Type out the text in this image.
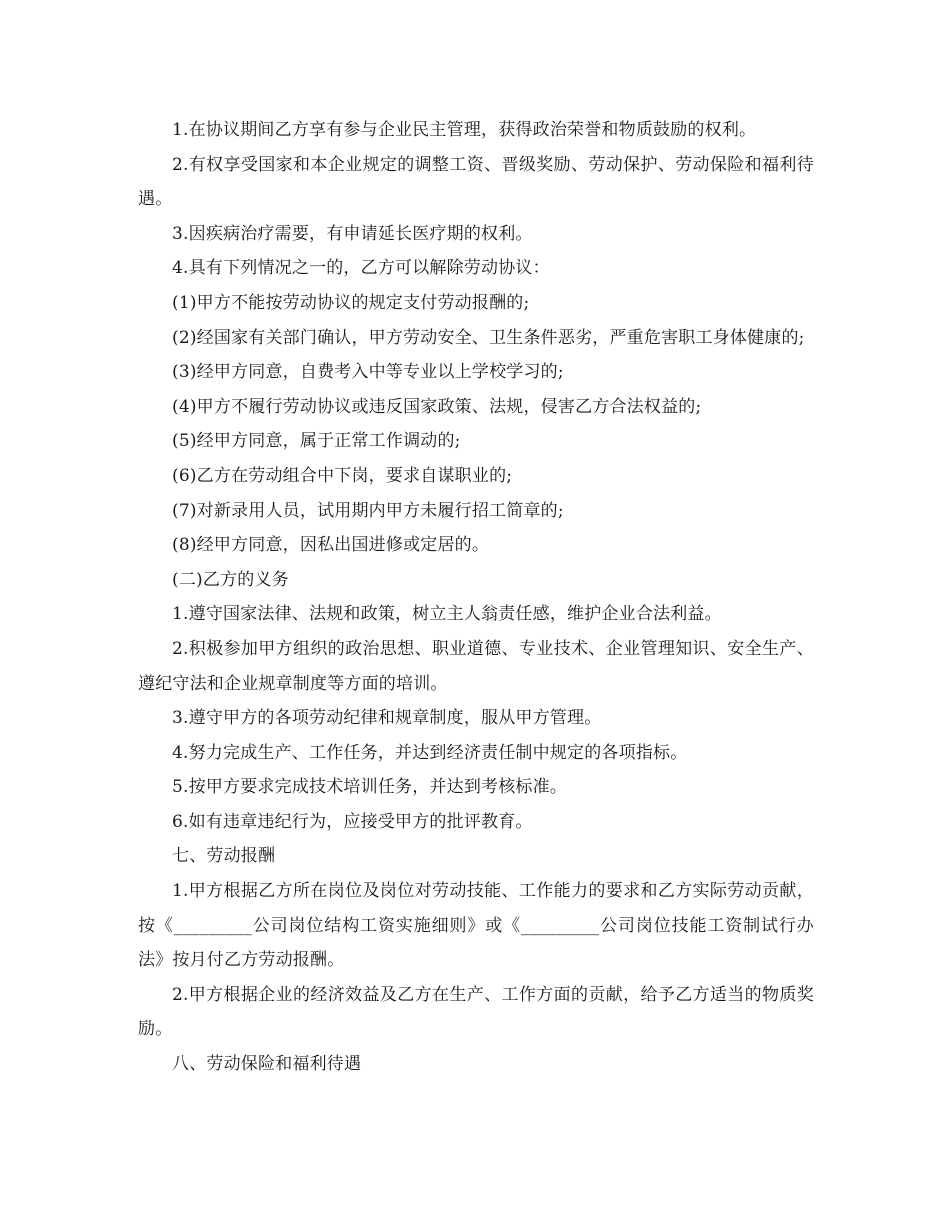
1.在协议期间乙方享有参与企业民主管理，获得政治荣誉和物质鼓励的权利。

2.有权享受国家和本企业规定的调整工资、晋级奖励、劳动保护、劳动保险和福利待遇。

3.因疾病治疗需要，有申请延长医疗期的权利。

4.具有下列情况之一的，乙方可以解除劳动协议：

(1)甲方不能按劳动协议的规定支付劳动报酬的;

(2)经国家有关部门确认，甲方劳动安全、卫生条件恶劣，严重危害职工身体健康的;

(3)经甲方同意，自费考入中等专业以上学校学习的;

(4)甲方不履行劳动协议或违反国家政策、法规，侵害乙方合法权益的;

(5)经甲方同意，属于正常工作调动的;

(6)乙方在劳动组合中下岗，要求自谋职业的;

(7)对新录用人员，试用期内甲方未履行招工简章的;

(8)经甲方同意，因私出国进修或定居的。

(二)乙方的义务

1.遵守国家法律、法规和政策，树立主人翁责任感，维护企业合法利益。

2.积极参加甲方组织的政治思想、职业道德、专业技术、企业管理知识、安全生产、遵纪守法和企业规章制度等方面的培训。

3.遵守甲方的各项劳动纪律和规章制度，服从甲方管理。

4.努力完成生产、工作任务，并达到经济责任制中规定的各项指标。

5.按甲方要求完成技术培训任务，并达到考核标准。

6.如有违章违纪行为，应接受甲方的批评教育。

七、劳动报酬

1.甲方根据乙方所在岗位及岗位对劳动技能、工作能力的要求和乙方实际劳动贡献，按《_________公司岗位结构工资实施细则》或《_________公司岗位技能工资制试行办法》按月付乙方劳动报酬。

2.甲方根据企业的经济效益及乙方在生产、工作方面的贡献，给予乙方适当的物质奖励。

八、劳动保险和福利待遇
